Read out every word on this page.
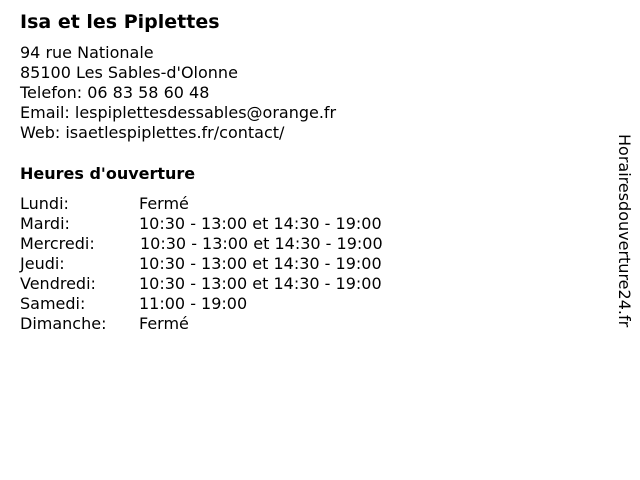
Isa et les Piplettes
94 rue Nationale
85100 Les Sables-d'Olonne
Telefon: 06 83 58 60 48
Email: lespiplettesdessables@orange.fr
Web: isaetlespiplettes.fr/contact/
Heures d'ouverture
Lundi:	Fermé
Mardi:	10:30 - 13:00 et 14:30 - 19:00
Mercredi:	10:30 - 13:00 et 14:30 - 19:00
Jeudi:	10:30 - 13:00 et 14:30 - 19:00
Vendredi:	10:30 - 13:00 et 14:30 - 19:00
Samedi:	11:00 - 19:00
Dimanche: Fermé	Horairesdouverture24.fr
